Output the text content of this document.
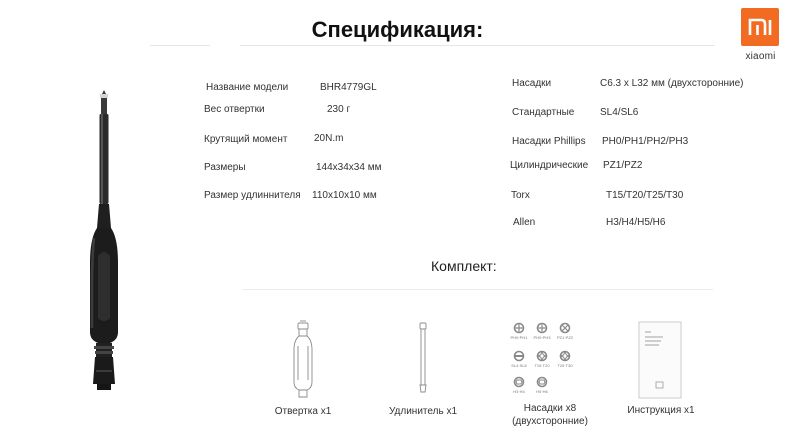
Спецификация:
xiaomi
Название модели	BHR4779GL
Вес отвертки	230 г
Крутящий момент	20N.m
Размеры	144x34x34 мм
Размер удлиннителя 110x10x10 мм
Насадки	C6.3 x L32 мм (двухсторонние)
Стандартные	SL4/SL6
Насадки Phillips PH0/PH1/PH2/PH3
Цилиндрические PZ1/PZ2
Torx	T15/T20/T25/T30
Allen	H3/H4/H5/H6
Комплект:
Отвертка x1	Удлинитель x1
PH0·PH1 PH0·PH3 PZ1·PZ2
SL4·SL6 T15·T20 T25·T30
H3·H4	H5·H6
Насадки x8
(двухсторонние)
Инструкция x1
